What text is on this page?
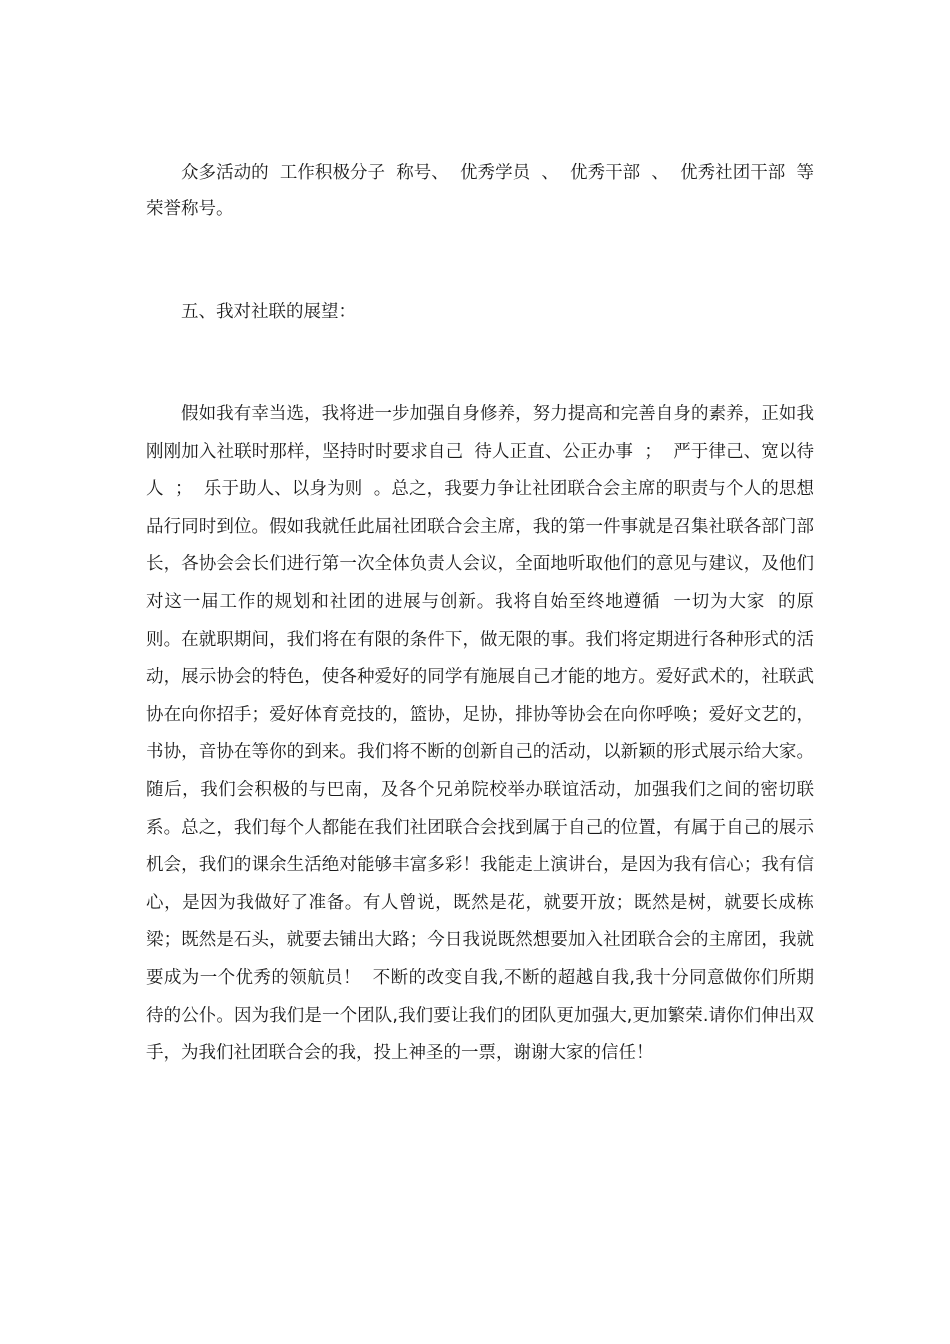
众多活动的  工作积极分子  称号、  优秀学员  、  优秀干部  、  优秀社团干部  等荣誉称号。

五、我对社联的展望：

假如我有幸当选，我将进一步加强自身修养，努力提高和完善自身的素养，正如我刚刚加入社联时那样，坚持时时要求自己  待人正直、公正办事  ；  严于律己、宽以待人  ；  乐于助人、以身为则  。总之，我要力争让社团联合会主席的职责与个人的思想品行同时到位。假如我就任此届社团联合会主席，我的第一件事就是召集社联各部门部长，各协会会长们进行第一次全体负责人会议，全面地听取他们的意见与建议，及他们对这一届工作的规划和社团的进展与创新。我将自始至终地遵循  一切为大家  的原则。在就职期间，我们将在有限的条件下，做无限的事。我们将定期进行各种形式的活动，展示协会的特色，使各种爱好的同学有施展自己才能的地方。爱好武术的，社联武协在向你招手；爱好体育竞技的，篮协，足协，排协等协会在向你呼唤；爱好文艺的，书协，音协在等你的到来。我们将不断的创新自己的活动，以新颖的形式展示给大家。随后，我们会积极的与巴南，及各个兄弟院校举办联谊活动，加强我们之间的密切联系。总之，我们每个人都能在我们社团联合会找到属于自己的位置，有属于自己的展示机会，我们的课余生活绝对能够丰富多彩！我能走上演讲台，是因为我有信心；我有信心，是因为我做好了准备。有人曾说，既然是花，就要开放；既然是树，就要长成栋梁；既然是石头，就要去铺出大路；今日我说既然想要加入社团联合会的主席团，我就要成为一个优秀的领航员！  不断的改变自我,不断的超越自我,我十分同意做你们所期待的公仆。因为我们是一个团队,我们要让我们的团队更加强大,更加繁荣.请你们伸出双手，为我们社团联合会的我，投上神圣的一票，谢谢大家的信任！
